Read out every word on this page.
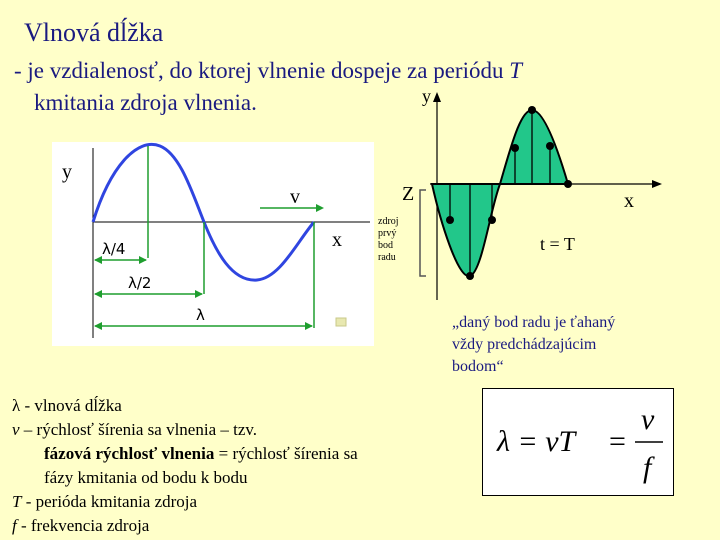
Vlnová dĺžka
- je vzdialenosť, do ktorej vlnenie dospeje za periódu T
kmitania zdroja vlnenia.
y
v
x
λ/4
λ/2
λ
Z	x
y
t = T
zdroj
prvý
bod
radu
„daný bod radu je ťahaný
vždy predchádzajúcim
bodom“
λ - vlnová dĺžka
v – rýchlosť šírenia sa vlnenia – tzv.
fázová rýchlosť vlnenia = rýchlosť šírenia sa
fázy kmitania od bodu k bodu
T - perióda kmitania zdroja
f - frekvencia zdroja
λ = vT =
v
f
